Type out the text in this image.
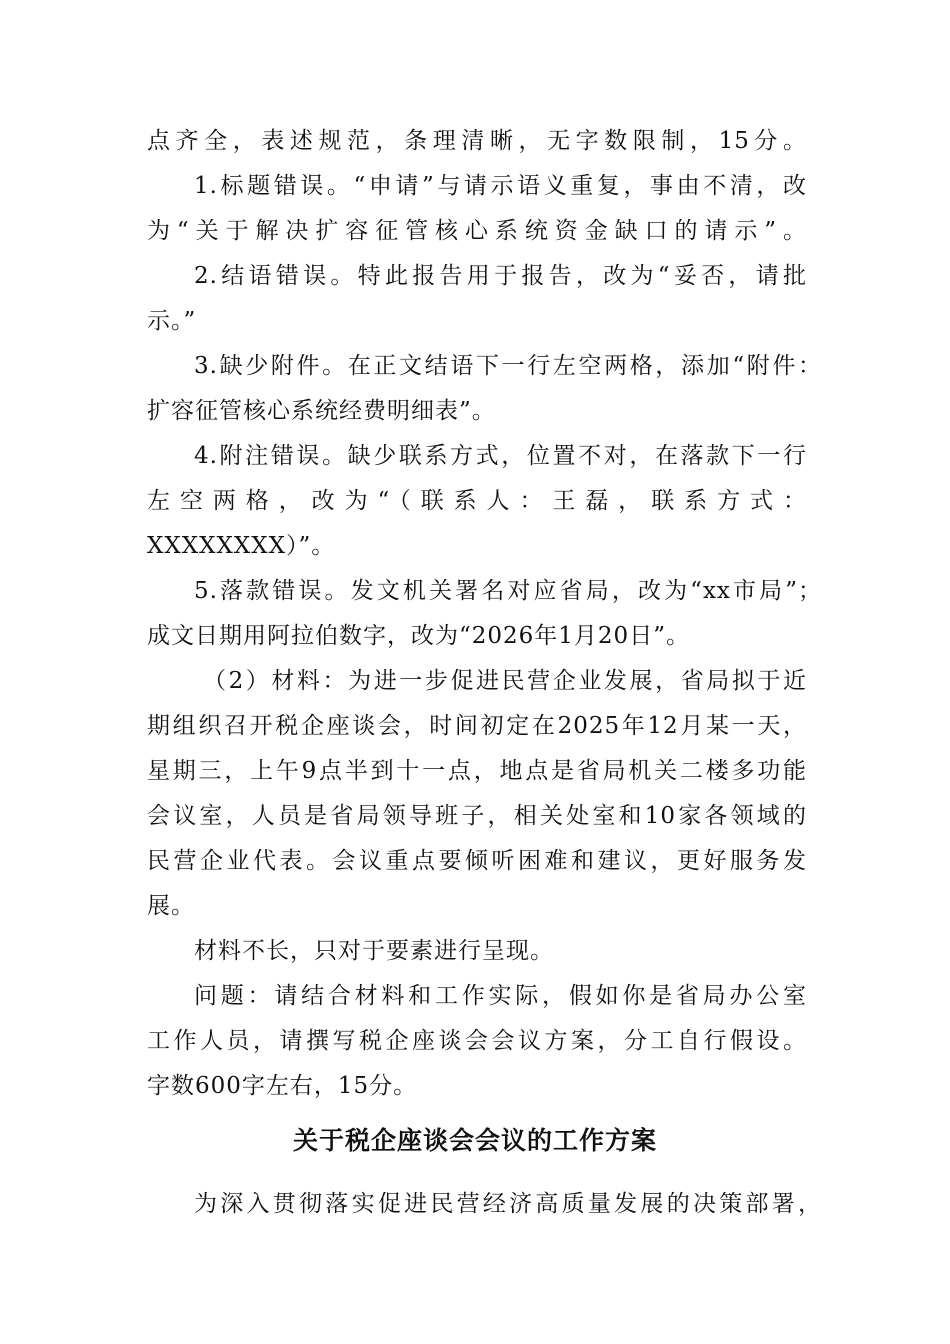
点齐全，表述规范，条理清晰，无字数限制，15分。
1.标题错误。“申请”与请示语义重复，事由不清，改
为“关于解决扩容征管核心系统资金缺口的请示”。
2.结语错误。特此报告用于报告，改为“妥否，请批
示。”
3.缺少附件。在正文结语下一行左空两格，添加“附件：
扩容征管核心系统经费明细表”。
4.附注错误。缺少联系方式，位置不对，在落款下一行
左空两格，改为“（联系人：王磊，联系方式：
XXXXXXXX）”。
5.落款错误。发文机关署名对应省局，改为“xx市局”；
成文日期用阿拉伯数字，改为“2026年1月20日”。
（2）材料：为进一步促进民营企业发展，省局拟于近
期组织召开税企座谈会，时间初定在2025年12月某一天，
星期三，上午9点半到十一点，地点是省局机关二楼多功能
会议室，人员是省局领导班子，相关处室和10家各领域的
民营企业代表。会议重点要倾听困难和建议，更好服务发
展。
材料不长，只对于要素进行呈现。
问题：请结合材料和工作实际，假如你是省局办公室
工作人员，请撰写税企座谈会会议方案，分工自行假设。
字数600字左右，15分。
关于税企座谈会会议的工作方案
为深入贯彻落实促进民营经济高质量发展的决策部署，
